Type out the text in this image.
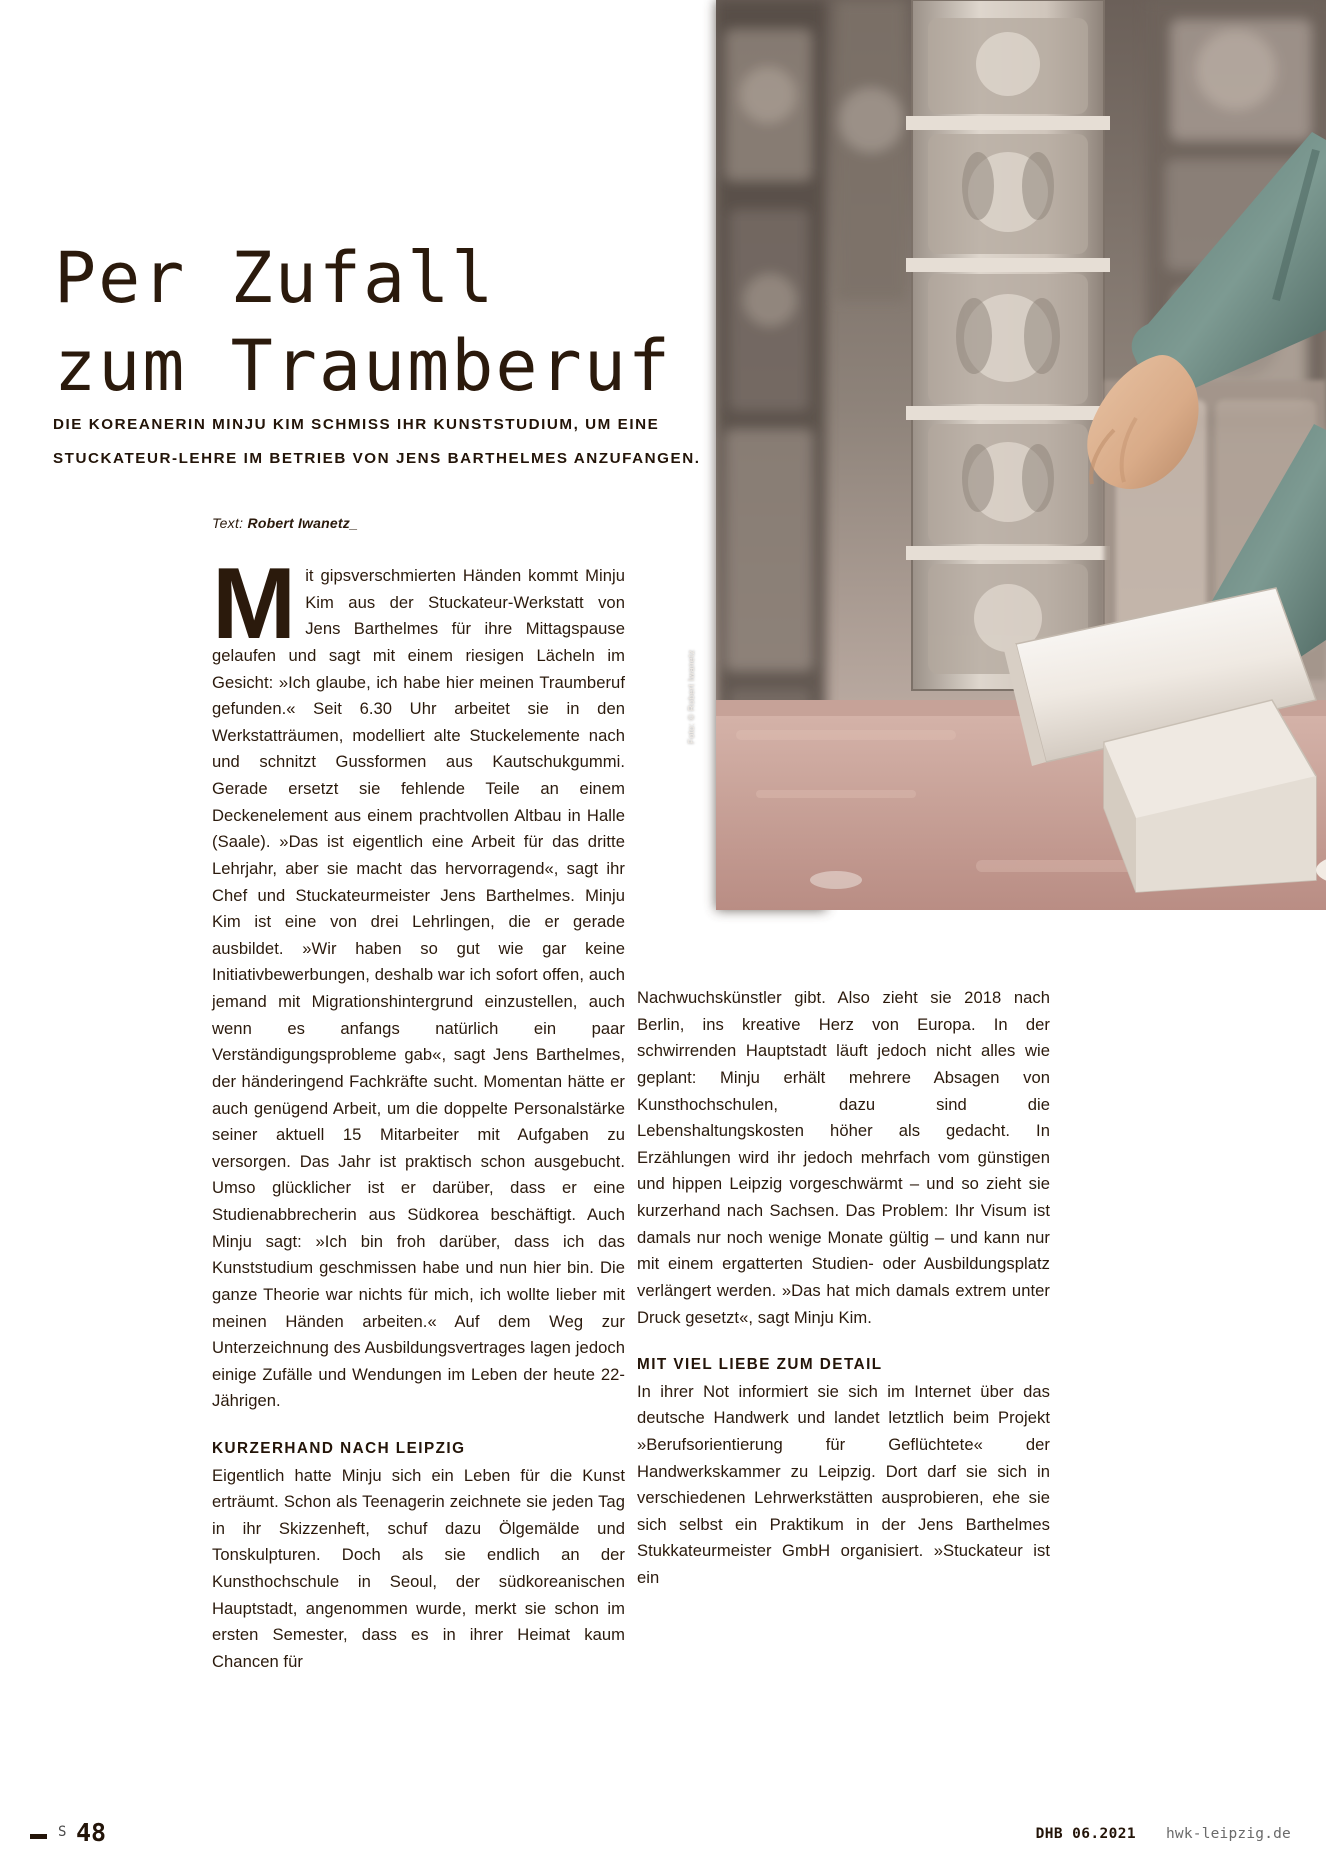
Foto: © Robert Iwanetz
Per Zufall
zum Traumberuf
DIE KOREANERIN MINJU KIM SCHMISS IHR KUNSTSTUDIUM, UM EINE STUCKATEUR-LEHRE IM BETRIEB VON JENS BARTHELMES ANZUFANGEN.
Text: Robert Iwanetz_

Mit gipsverschmierten Händen kommt Minju Kim aus der Stuckateur-Werkstatt von Jens Barthelmes für ihre Mittagspause gelaufen und sagt mit einem riesigen Lächeln im Gesicht: »Ich glaube, ich habe hier meinen Traumberuf gefunden.« Seit 6.30 Uhr arbeitet sie in den Werkstatträumen, modelliert alte Stuckelemente nach und schnitzt Gussformen aus Kautschukgummi. Gerade ersetzt sie fehlende Teile an einem Deckenelement aus einem prachtvollen Altbau in Halle (Saale). »Das ist eigentlich eine Arbeit für das dritte Lehrjahr, aber sie macht das hervorragend«, sagt ihr Chef und Stuckateurmeister Jens Barthelmes. Minju Kim ist eine von drei Lehrlingen, die er gerade ausbildet. »Wir haben so gut wie gar keine Initiativbewerbungen, deshalb war ich sofort offen, auch jemand mit Migrationshintergrund einzustellen, auch wenn es anfangs natürlich ein paar Verständigungsprobleme gab«, sagt Jens Barthelmes, der händeringend Fachkräfte sucht. Momentan hätte er auch genügend Arbeit, um die doppelte Personalstärke seiner aktuell 15 Mitarbeiter mit Aufgaben zu versorgen. Das Jahr ist praktisch schon ausgebucht. Umso glücklicher ist er darüber, dass er eine Studienabbrecherin aus Südkorea beschäftigt. Auch Minju sagt: »Ich bin froh darüber, dass ich das Kunststudium geschmissen habe und nun hier bin. Die ganze Theorie war nichts für mich, ich wollte lieber mit meinen Händen arbeiten.« Auf dem Weg zur Unterzeichnung des Ausbildungsvertrages lagen jedoch einige Zufälle und Wendungen im Leben der heute 22-Jährigen.

KURZERHAND NACH LEIPZIG

Eigentlich hatte Minju sich ein Leben für die Kunst erträumt. Schon als Teenagerin zeichnete sie jeden Tag in ihr Skizzenheft, schuf dazu Ölgemälde und Tonskulpturen. Doch als sie endlich an der Kunsthochschule in Seoul, der südkoreanischen Hauptstadt, angenommen wurde, merkt sie schon im ersten Semester, dass es in ihrer Heimat kaum Chancen für

Nachwuchskünstler gibt. Also zieht sie 2018 nach Berlin, ins kreative Herz von Europa. In der schwirrenden Hauptstadt läuft jedoch nicht alles wie geplant: Minju erhält mehrere Absagen von Kunsthochschulen, dazu sind die Lebenshaltungskosten höher als gedacht. In Erzählungen wird ihr jedoch mehrfach vom günstigen und hippen Leipzig vorgeschwärmt – und so zieht sie kurzerhand nach Sachsen. Das Problem: Ihr Visum ist damals nur noch wenige Monate gültig – und kann nur mit einem ergatterten Studien- oder Ausbildungsplatz verlängert werden. »Das hat mich damals extrem unter Druck gesetzt«, sagt Minju Kim.

MIT VIEL LIEBE ZUM DETAIL

In ihrer Not informiert sie sich im Internet über das deutsche Handwerk und landet letztlich beim Projekt »Berufsorientierung für Geflüchtete« der Handwerkskammer zu Leipzig. Dort darf sie sich in verschiedenen Lehrwerkstätten ausprobieren, ehe sie sich selbst ein Praktikum in der Jens Barthelmes Stukkateurmeister GmbH organisiert. »Stuckateur ist ein

S 48	DHB 06.2021 hwk-leipzig.de
